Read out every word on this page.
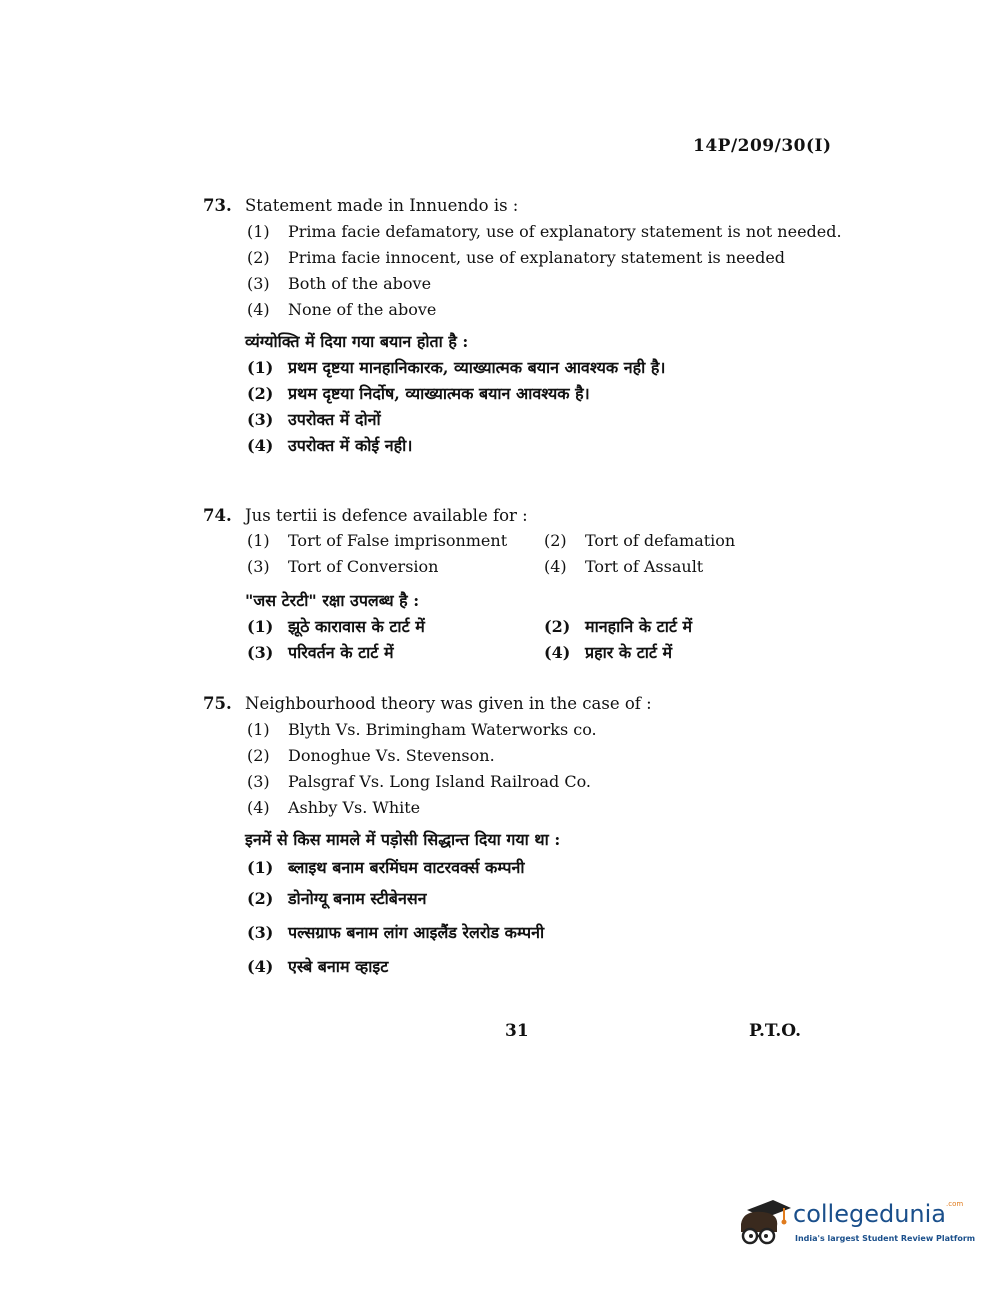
14P/209/30(I)
73. Statement made in Innuendo is :
(1) Prima facie defamatory, use of explanatory statement is not needed.
(2) Prima facie innocent, use of explanatory statement is needed
(3) Both of the above
(4) None of the above
व्यंग्योक्ति में दिया गया बयान होता है :
(1) प्रथम दृष्टया मानहानिकारक, व्याख्यात्मक बयान आवश्यक नही है।
(2) प्रथम दृष्टया निर्दोष, व्याख्यात्मक बयान आवश्यक है।
(3) उपरोक्त में दोनों
(4) उपरोक्त में कोई नही।
74. Jus tertii is defence available for :
(1) Tort of False imprisonment	(2) Tort of defamation
(3) Tort of Conversion	(4) Tort of Assault
"जस टेरटी" रक्षा उपलब्ध है :
(1) झूठे कारावास के टार्ट में	(2) मानहानि के टार्ट में
(3) परिवर्तन के टार्ट में	(4) प्रहार के टार्ट में
75. Neighbourhood theory was given in the case of :
(1) Blyth Vs. Brimingham Waterworks co.
(2) Donoghue Vs. Stevenson.
(3) Palsgraf Vs. Long Island Railroad Co.
(4) Ashby Vs. White
इनमें से किस मामले में पड़ोसी सिद्धान्त दिया गया था :
(1) ब्लाइथ बनाम बरमिंघम वाटरवर्क्स कम्पनी
(2) डोनोग्यू बनाम स्टीबेनसन
(3) पल्सग्राफ बनाम लांग आइलैंड रेलरोड कम्पनी
(4) एस्बे बनाम व्हाइट
31	P.T.O.
collegedunia$^{.com}$
India's largest Student Review Platform
